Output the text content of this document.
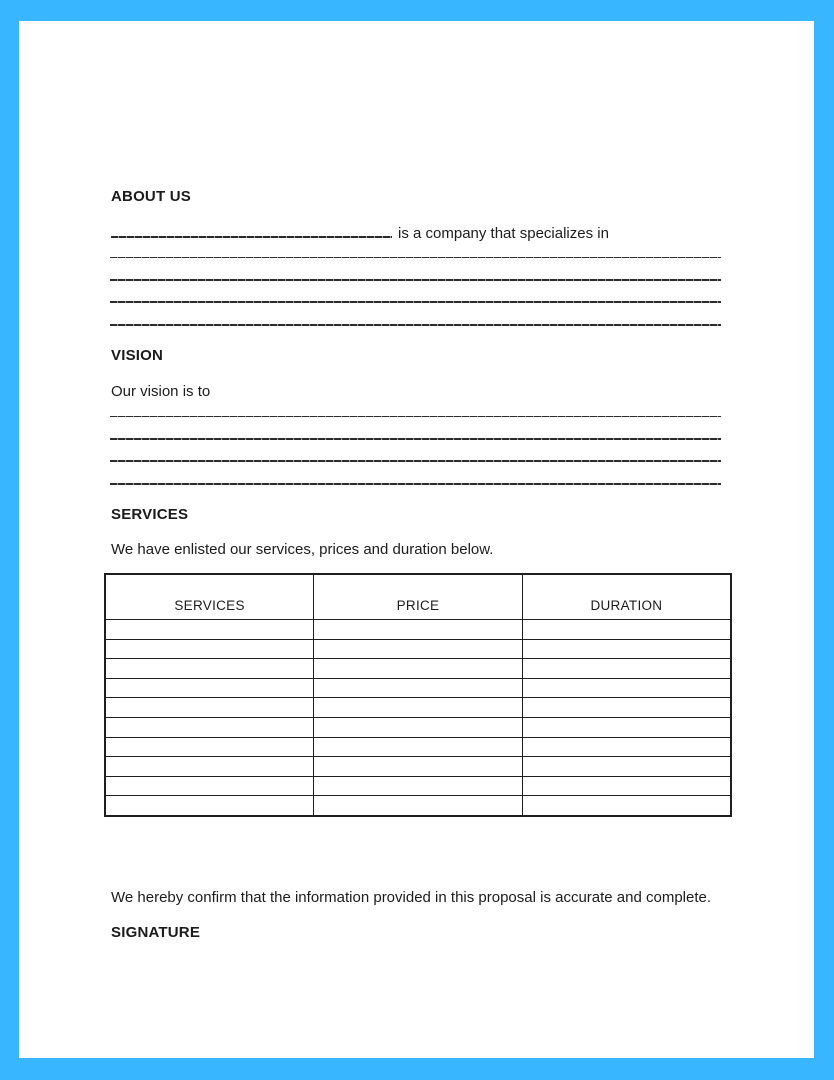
ABOUT US
is a company that specializes in
VISION

Our vision is to

SERVICES

We have enlisted our services, prices and duration below.

SERVICES	PRICE	DURATION

We hereby confirm that the information provided in this proposal is accurate and complete.

SIGNATURE
